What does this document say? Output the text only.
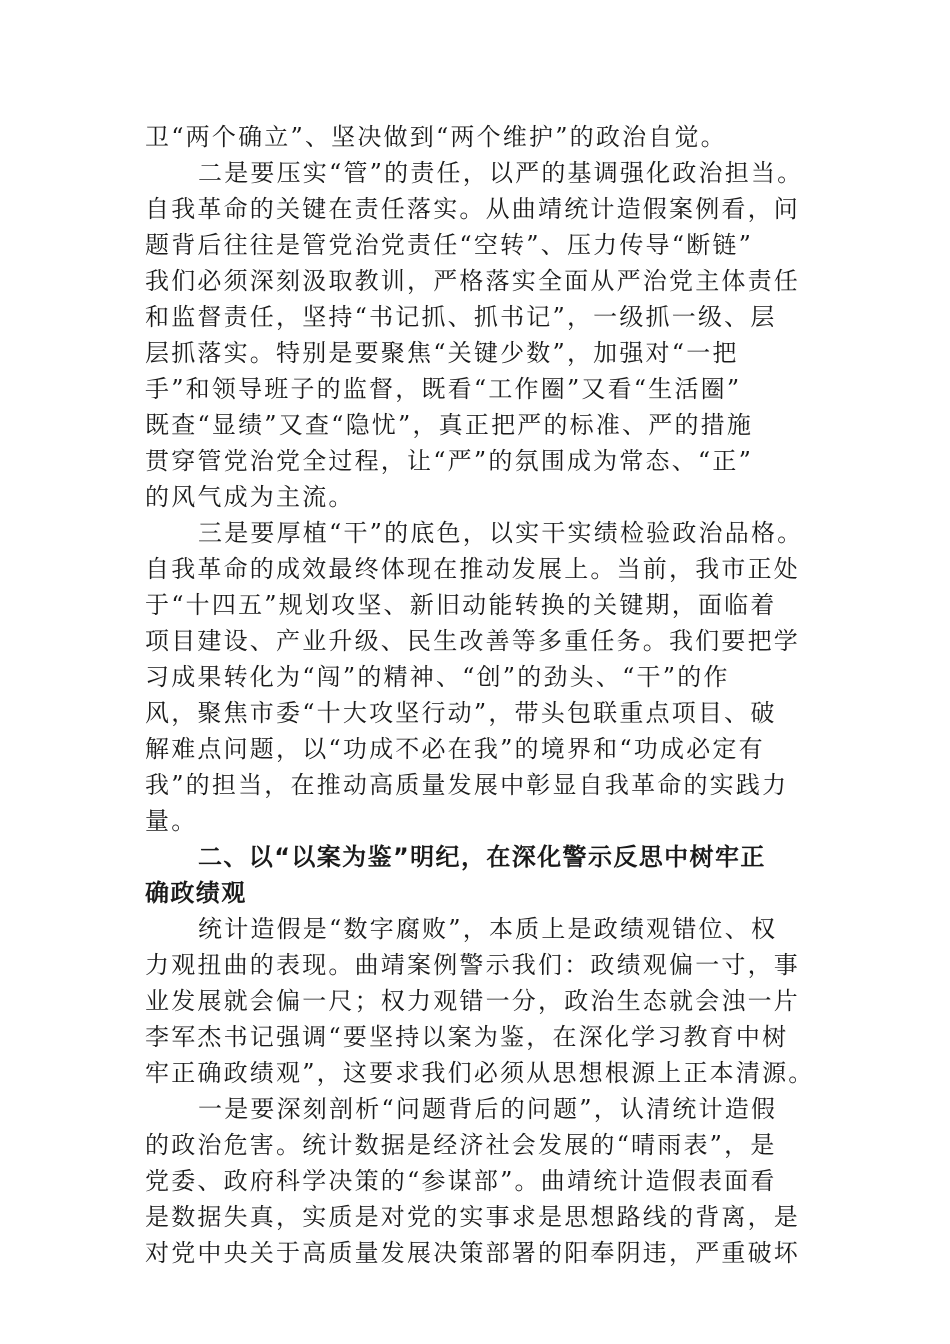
卫“两个确立”、坚决做到“两个维护”的政治自觉。
二是要压实“管”的责任，以严的基调强化政治担当。
自我革命的关键在责任落实。从曲靖统计造假案例看，问
题背后往往是管党治党责任“空转”、压力传导“断链”
我们必须深刻汲取教训，严格落实全面从严治党主体责任
和监督责任，坚持“书记抓、抓书记”，一级抓一级、层
层抓落实。特别是要聚焦“关键少数”，加强对“一把
手”和领导班子的监督，既看“工作圈”又看“生活圈”
既查“显绩”又查“隐忧”，真正把严的标准、严的措施
贯穿管党治党全过程，让“严”的氛围成为常态、“正”
的风气成为主流。
三是要厚植“干”的底色，以实干实绩检验政治品格。
自我革命的成效最终体现在推动发展上。当前，我市正处
于“十四五”规划攻坚、新旧动能转换的关键期，面临着
项目建设、产业升级、民生改善等多重任务。我们要把学
习成果转化为“闯”的精神、“创”的劲头、“干”的作
风，聚焦市委“十大攻坚行动”，带头包联重点项目、破
解难点问题，以“功成不必在我”的境界和“功成必定有
我”的担当，在推动高质量发展中彰显自我革命的实践力
量。
二、以“以案为鉴”明纪，在深化警示反思中树牢正
确政绩观
统计造假是“数字腐败”，本质上是政绩观错位、权
力观扭曲的表现。曲靖案例警示我们：政绩观偏一寸，事
业发展就会偏一尺；权力观错一分，政治生态就会浊一片
李军杰书记强调“要坚持以案为鉴，在深化学习教育中树
牢正确政绩观”，这要求我们必须从思想根源上正本清源。
一是要深刻剖析“问题背后的问题”，认清统计造假
的政治危害。统计数据是经济社会发展的“晴雨表”，是
党委、政府科学决策的“参谋部”。曲靖统计造假表面看
是数据失真，实质是对党的实事求是思想路线的背离，是
对党中央关于高质量发展决策部署的阳奉阴违，严重破坏
